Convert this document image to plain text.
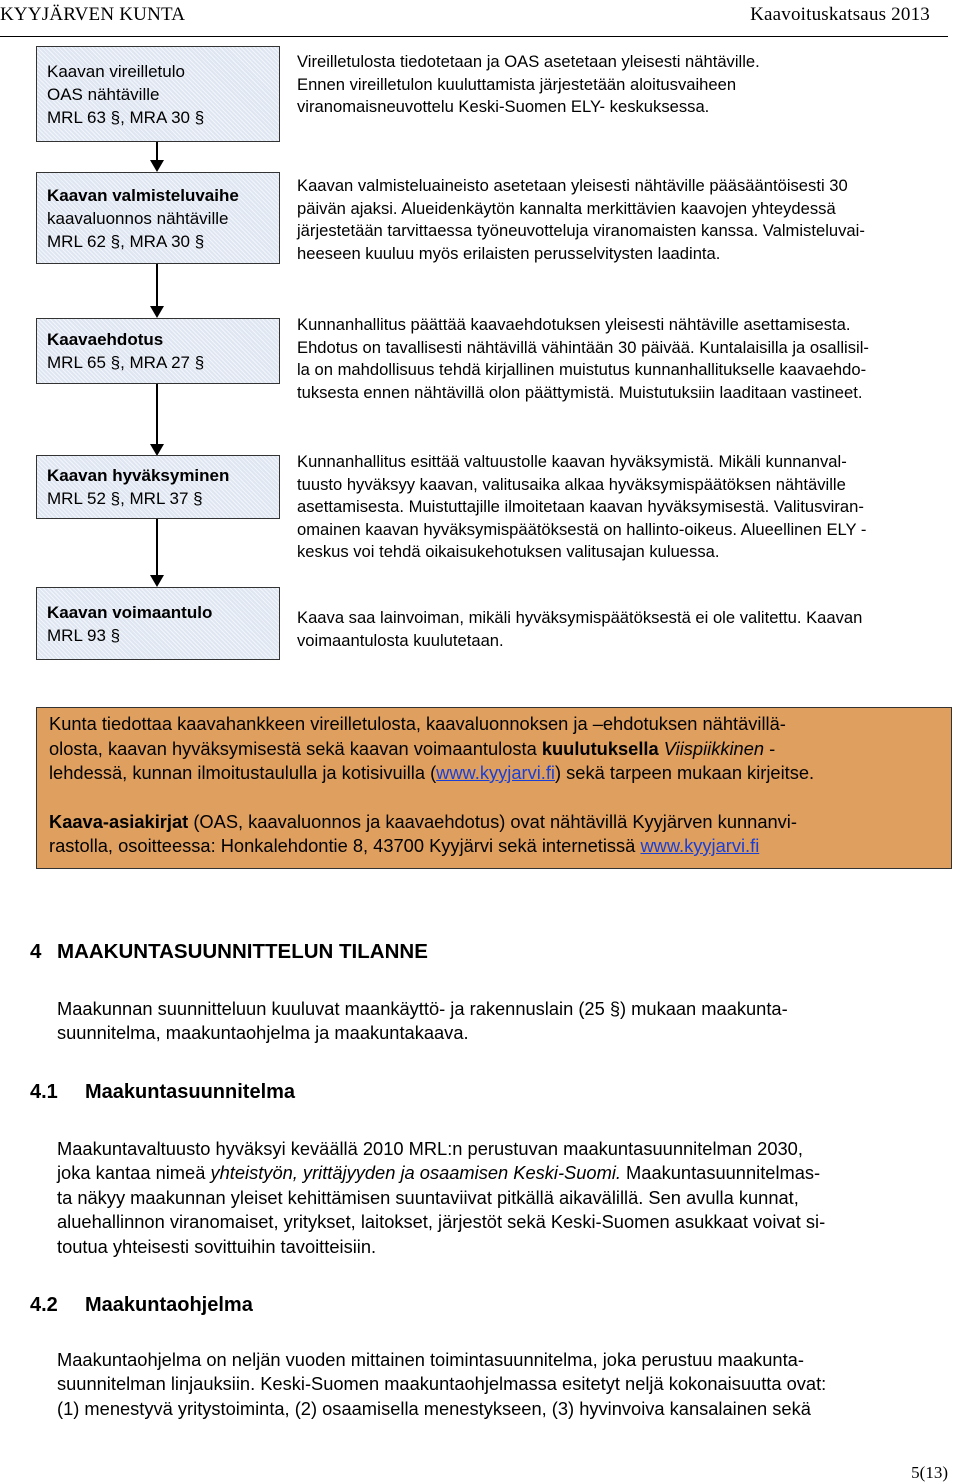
KYYJÄRVEN KUNTA	Kaavoituskatsaus 2013
Kaavan vireilletulo
OAS nähtäville
MRL 63 §, MRA 30 §
Vireilletulosta tiedotetaan ja OAS asetetaan yleisesti nähtäville.
Ennen vireilletulon kuuluttamista järjestetään aloitusvaiheen
viranomaisneuvottelu Keski-Suomen ELY- keskuksessa.
Kaavan valmisteluvaihe
kaavaluonnos nähtäville
MRL 62 §, MRA 30 §
Kaavan valmisteluaineisto asetetaan yleisesti nähtäville pääsääntöisesti 30
päivän ajaksi. Alueidenkäytön kannalta merkittävien kaavojen yhteydessä
järjestetään tarvittaessa työneuvotteluja viranomaisten kanssa. Valmisteluvai-
heeseen kuuluu myös erilaisten perusselvitysten laadinta.
Kaavaehdotus
MRL 65 §, MRA 27 §
Kunnanhallitus päättää kaavaehdotuksen yleisesti nähtäville asettamisesta.
Ehdotus on tavallisesti nähtävillä vähintään 30 päivää. Kuntalaisilla ja osallisil-
la on mahdollisuus tehdä kirjallinen muistutus kunnanhallitukselle kaavaehdo-
tuksesta ennen nähtävillä olon päättymistä. Muistutuksiin laaditaan vastineet.
Kaavan hyväksyminen
MRL 52 §, MRL 37 §
Kunnanhallitus esittää valtuustolle kaavan hyväksymistä. Mikäli kunnanval-
tuusto hyväksyy kaavan, valitusaika alkaa hyväksymispäätöksen nähtäville
asettamisesta. Muistuttajille ilmoitetaan kaavan hyväksymisestä. Valitusviran-
omainen kaavan hyväksymispäätöksestä on hallinto-oikeus. Alueellinen ELY -
keskus voi tehdä oikaisukehotuksen valitusajan kuluessa.
Kaavan voimaantulo
MRL 93 §
Kaava saa lainvoiman, mikäli hyväksymispäätöksestä ei ole valitettu. Kaavan
voimaantulosta kuulutetaan.

Kunta tiedottaa kaavahankkeen vireilletulosta, kaavaluonnoksen ja –ehdotuksen nähtävillä-

olosta, kaavan hyväksymisestä sekä kaavan voimaantulosta kuulutuksella Viispiikkinen -

lehdessä, kunnan ilmoitustaululla ja kotisivuilla (www.kyyjarvi.fi) sekä tarpeen mukaan kirjeitse.

Kaava-asiakirjat (OAS, kaavaluonnos ja kaavaehdotus) ovat nähtävillä Kyyjärven kunnanvi-

rastolla, osoitteessa: Honkalehdontie 8, 43700 Kyyjärvi sekä internetissä www.kyyjarvi.fi

4 MAAKUNTASUUNNITTELUN TILANNE

Maakunnan suunnitteluun kuuluvat maankäyttö- ja rakennuslain (25 §) mukaan maakunta-

suunnitelma, maakuntaohjelma ja maakuntakaava.

4.1 Maakuntasuunnitelma

Maakuntavaltuusto hyväksyi keväällä 2010 MRL:n perustuvan maakuntasuunnitelman 2030,

joka kantaa nimeä yhteistyön, yrittäjyyden ja osaamisen Keski-Suomi. Maakuntasuunnitelmas-

ta näkyy maakunnan yleiset kehittämisen suuntaviivat pitkällä aikavälillä. Sen avulla kunnat,

aluehallinnon viranomaiset, yritykset, laitokset, järjestöt sekä Keski-Suomen asukkaat voivat si-

toutua yhteisesti sovittuihin tavoitteisiin.

4.2 Maakuntaohjelma

Maakuntaohjelma on neljän vuoden mittainen toimintasuunnitelma, joka perustuu maakunta-

suunnitelman linjauksiin. Keski-Suomen maakuntaohjelmassa esitetyt neljä kokonaisuutta ovat:

(1) menestyvä yritystoiminta, (2) osaamisella menestykseen, (3) hyvinvoiva kansalainen sekä

5(13)
